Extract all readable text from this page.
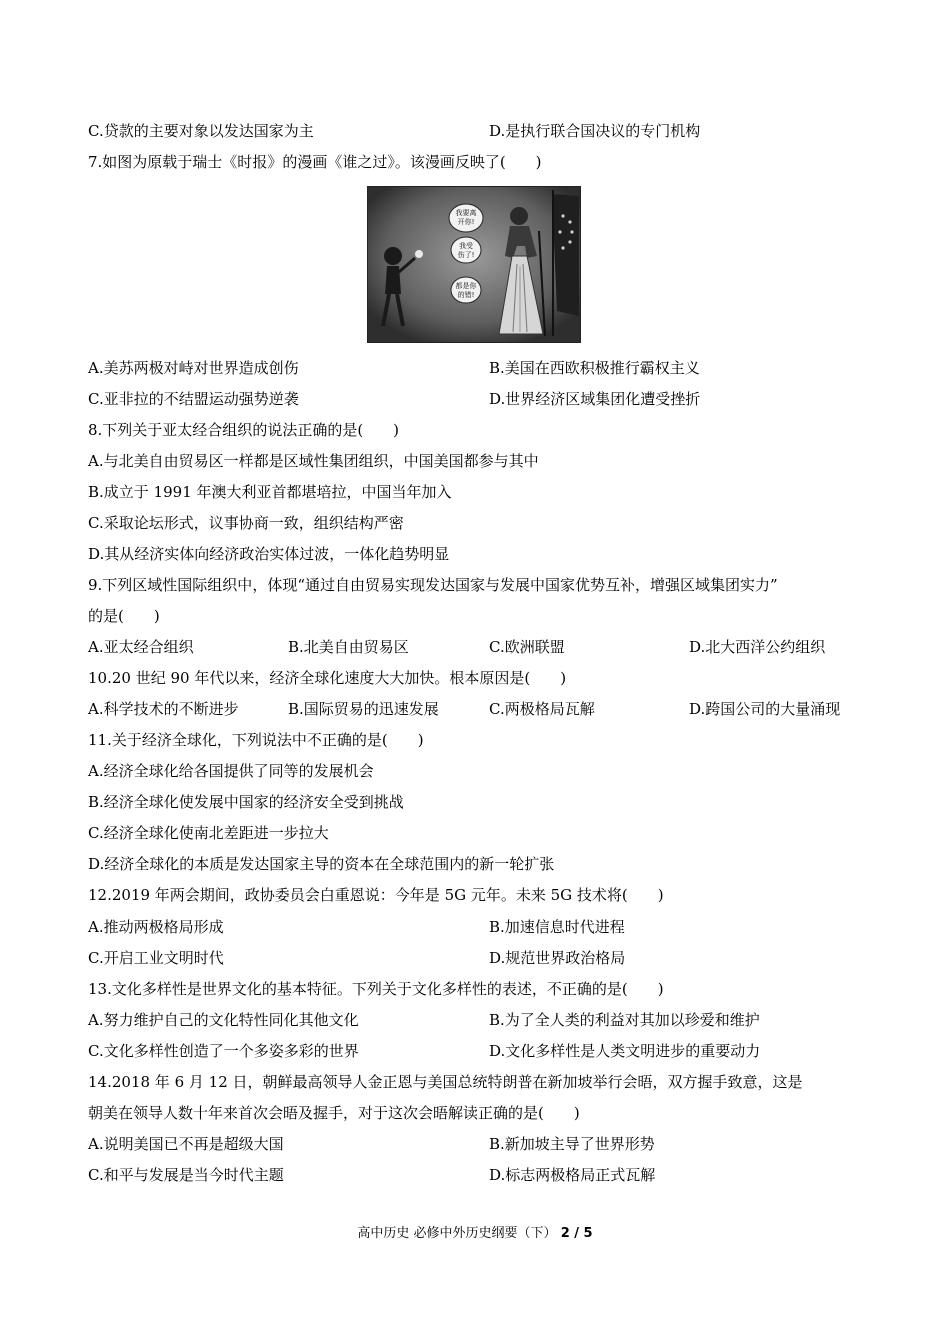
C.贷款的主要对象以发达国家为主	D.是执行联合国决议的专门机构
7.如图为原载于瑞士《时报》的漫画《谁之过》。该漫画反映了(　　)
我要离
开你!
我受
伤了!
都是你
的错!
A.美苏两极对峙对世界造成创伤	B.美国在西欧积极推行霸权主义
C.亚非拉的不结盟运动强势逆袭	D.世界经济区域集团化遭受挫折
8.下列关于亚太经合组织的说法正确的是(　　)
A.与北美自由贸易区一样都是区域性集团组织，中国美国都参与其中
B.成立于 1991 年澳大利亚首都堪培拉，中国当年加入
C.采取论坛形式，议事协商一致，组织结构严密
D.其从经济实体向经济政治实体过波，一体化趋势明显
9.下列区域性国际组织中，体现“通过自由贸易实现发达国家与发展中国家优势互补，增强区域集团实力”
的是(　　)
A.亚太经合组织	B.北美自由贸易区	C.欧洲联盟	D.北大西洋公约组织
10.20 世纪 90 年代以来，经济全球化速度大大加快。根本原因是(　　)
A.科学技术的不断进步	B.国际贸易的迅速发展	C.两极格局瓦解	D.跨国公司的大量涌现
11.关于经济全球化，下列说法中不正确的是(　　)
A.经济全球化给各国提供了同等的发展机会
B.经济全球化使发展中国家的经济安全受到挑战
C.经济全球化使南北差距进一步拉大
D.经济全球化的本质是发达国家主导的资本在全球范围内的新一轮扩张
12.2019 年两会期间，政协委员会白重恩说：今年是 5G 元年。未来 5G 技术将(　　)
A.推动两极格局形成	B.加速信息时代进程
C.开启工业文明时代	D.规范世界政治格局
13.文化多样性是世界文化的基本特征。下列关于文化多样性的表述，不正确的是(　　)
A.努力维护自己的文化特性同化其他文化	B.为了全人类的利益对其加以珍爱和维护
C.文化多样性创造了一个多姿多彩的世界	D.文化多样性是人类文明进步的重要动力
14.2018 年 6 月 12 日，朝鲜最高领导人金正恩与美国总统特朗普在新加坡举行会晤，双方握手致意，这是
朝美在领导人数十年来首次会晤及握手，对于这次会晤解读正确的是(　　)
A.说明美国已不再是超级大国	B.新加坡主导了世界形势
C.和平与发展是当今时代主题	D.标志两极格局正式瓦解
高中历史 必修中外历史纲要（下） 2 / 5
